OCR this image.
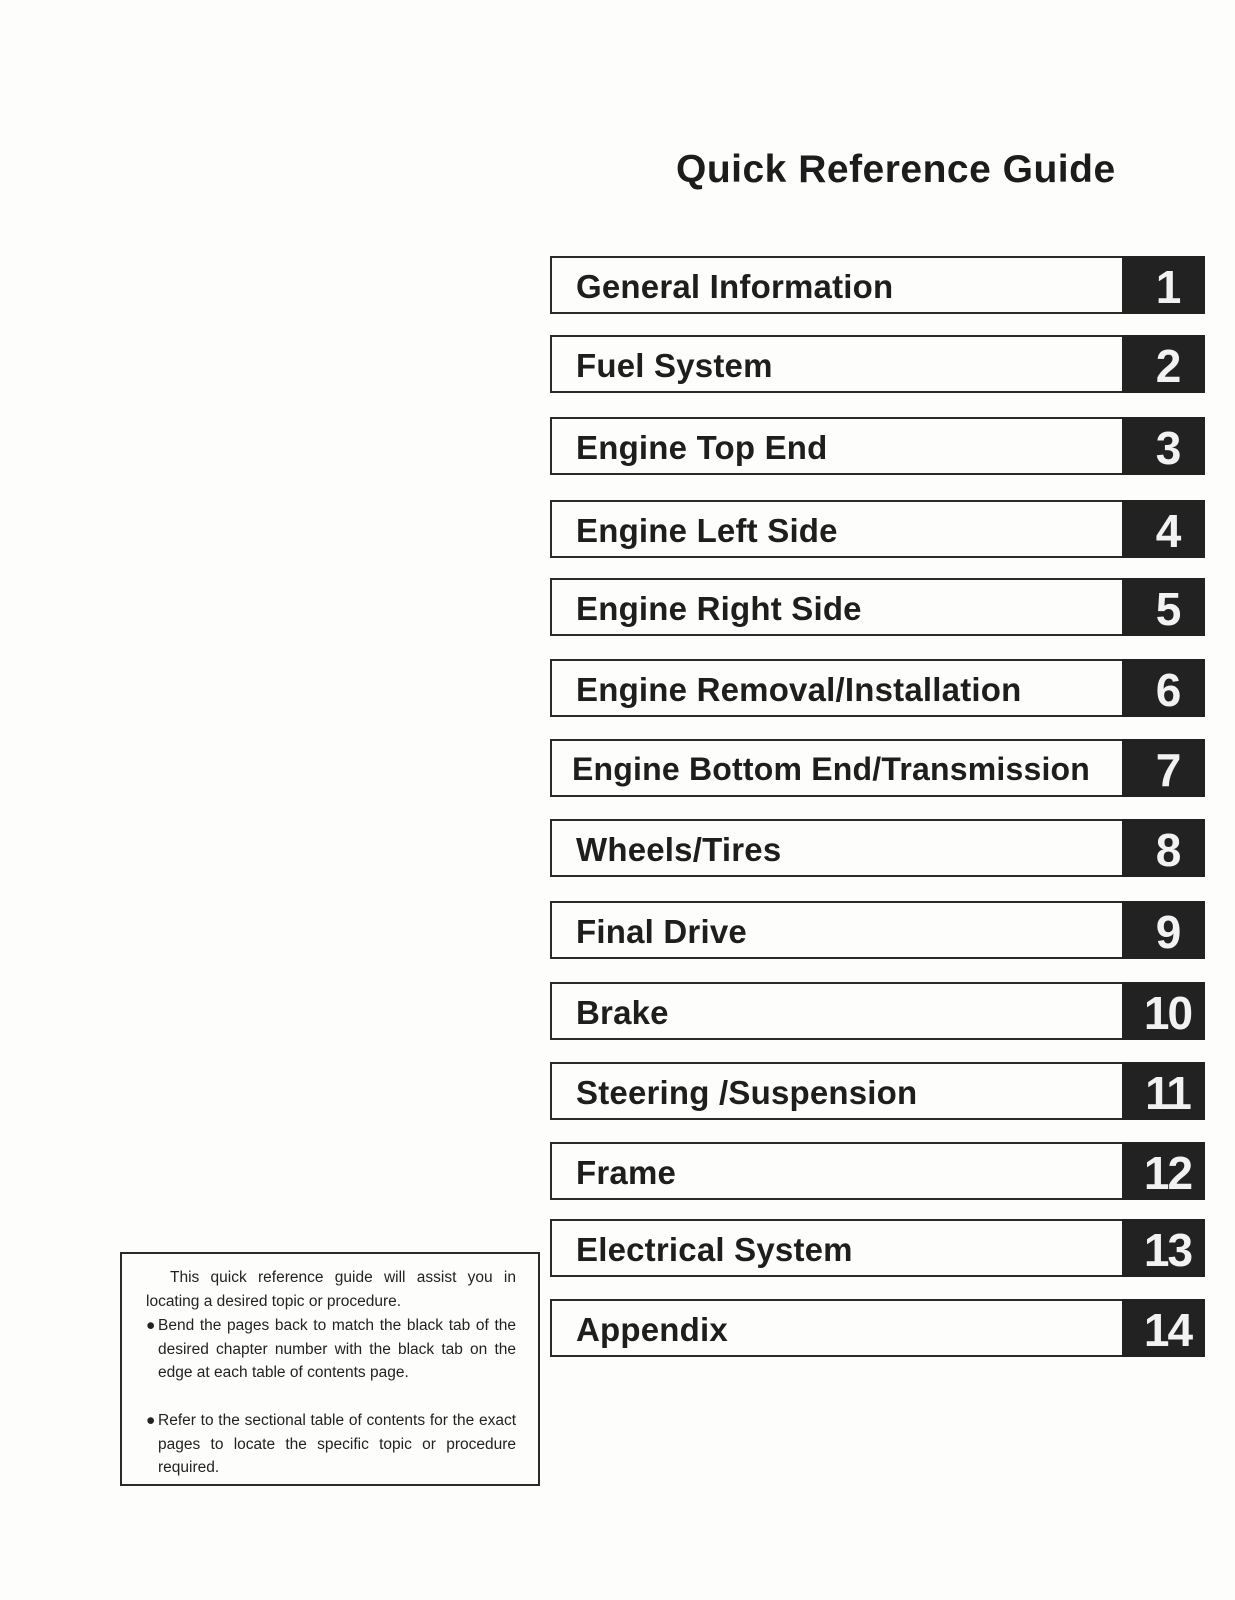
Quick Reference Guide
General Information	1
Fuel System	2
Engine Top End	3
Engine Left Side	4
Engine Right Side	5
Engine Removal/Installation	6
Engine Bottom End/Transmission	7
Wheels/Tires	8
Final Drive	9
Brake	10
Steering /Suspension	11
Frame	12
Electrical System	13
Appendix	14

This quick reference guide will assist you in locating a desired topic or procedure.

● Bend the pages back to match the black tab of the desired chapter number with the black tab on the edge at each table of contents page.

● Refer to the sectional table of contents for the exact pages to locate the specific topic or procedure required.
